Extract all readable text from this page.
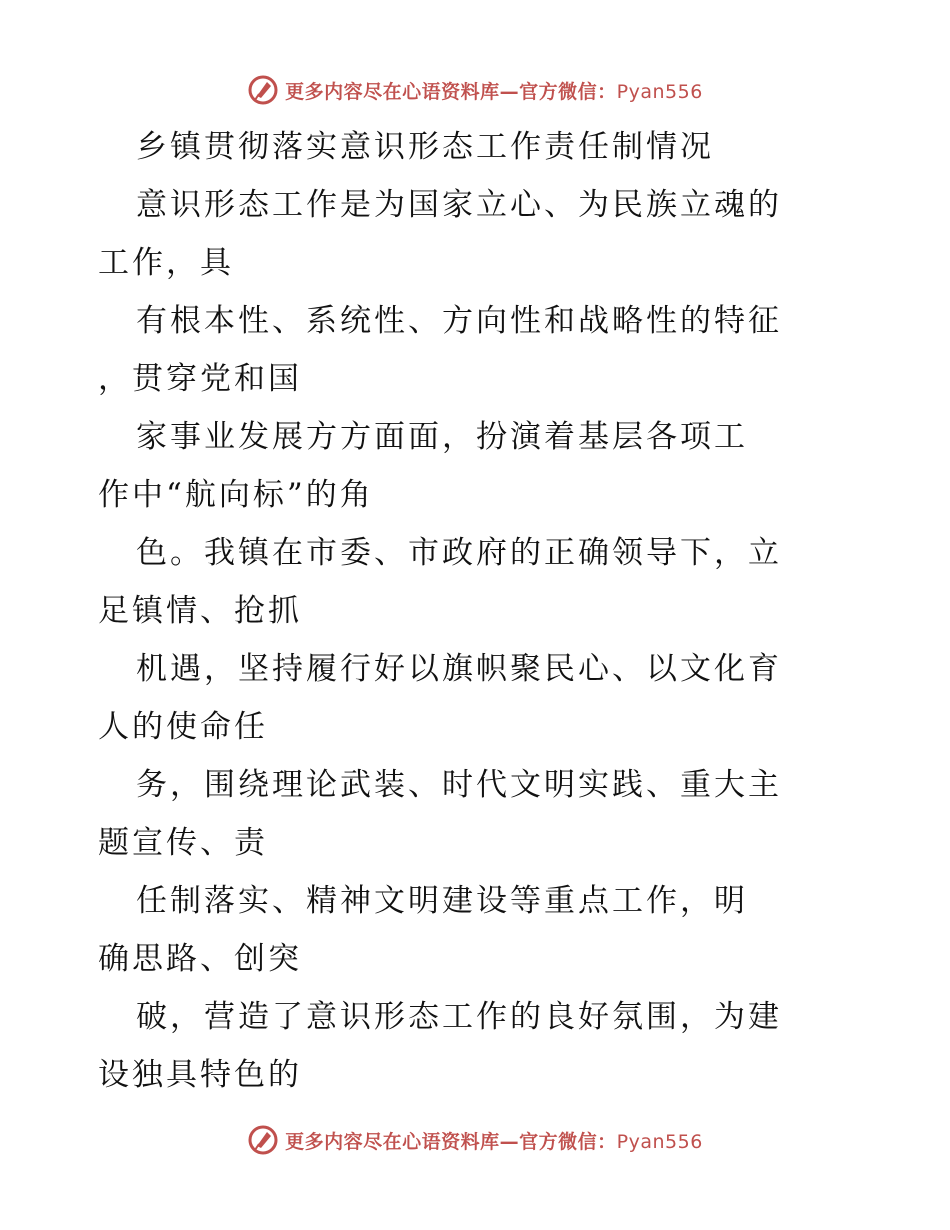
更多内容尽在心语资料库—官方微信：Pyan556
乡镇贯彻落实意识形态工作责任制情况
意识形态工作是为国家立心、为民族立魂的
工作，具
有根本性、系统性、方向性和战略性的特征
，贯穿党和国
家事业发展方方面面，扮演着基层各项工
作中“航向标”的角
色。我镇在市委、市政府的正确领导下，立
足镇情、抢抓
机遇，坚持履行好以旗帜聚民心、以文化育
人的使命任
务，围绕理论武装、时代文明实践、重大主
题宣传、责
任制落实、精神文明建设等重点工作，明
确思路、创突
破，营造了意识形态工作的良好氛围，为建
设独具特色的
更多内容尽在心语资料库—官方微信：Pyan556
